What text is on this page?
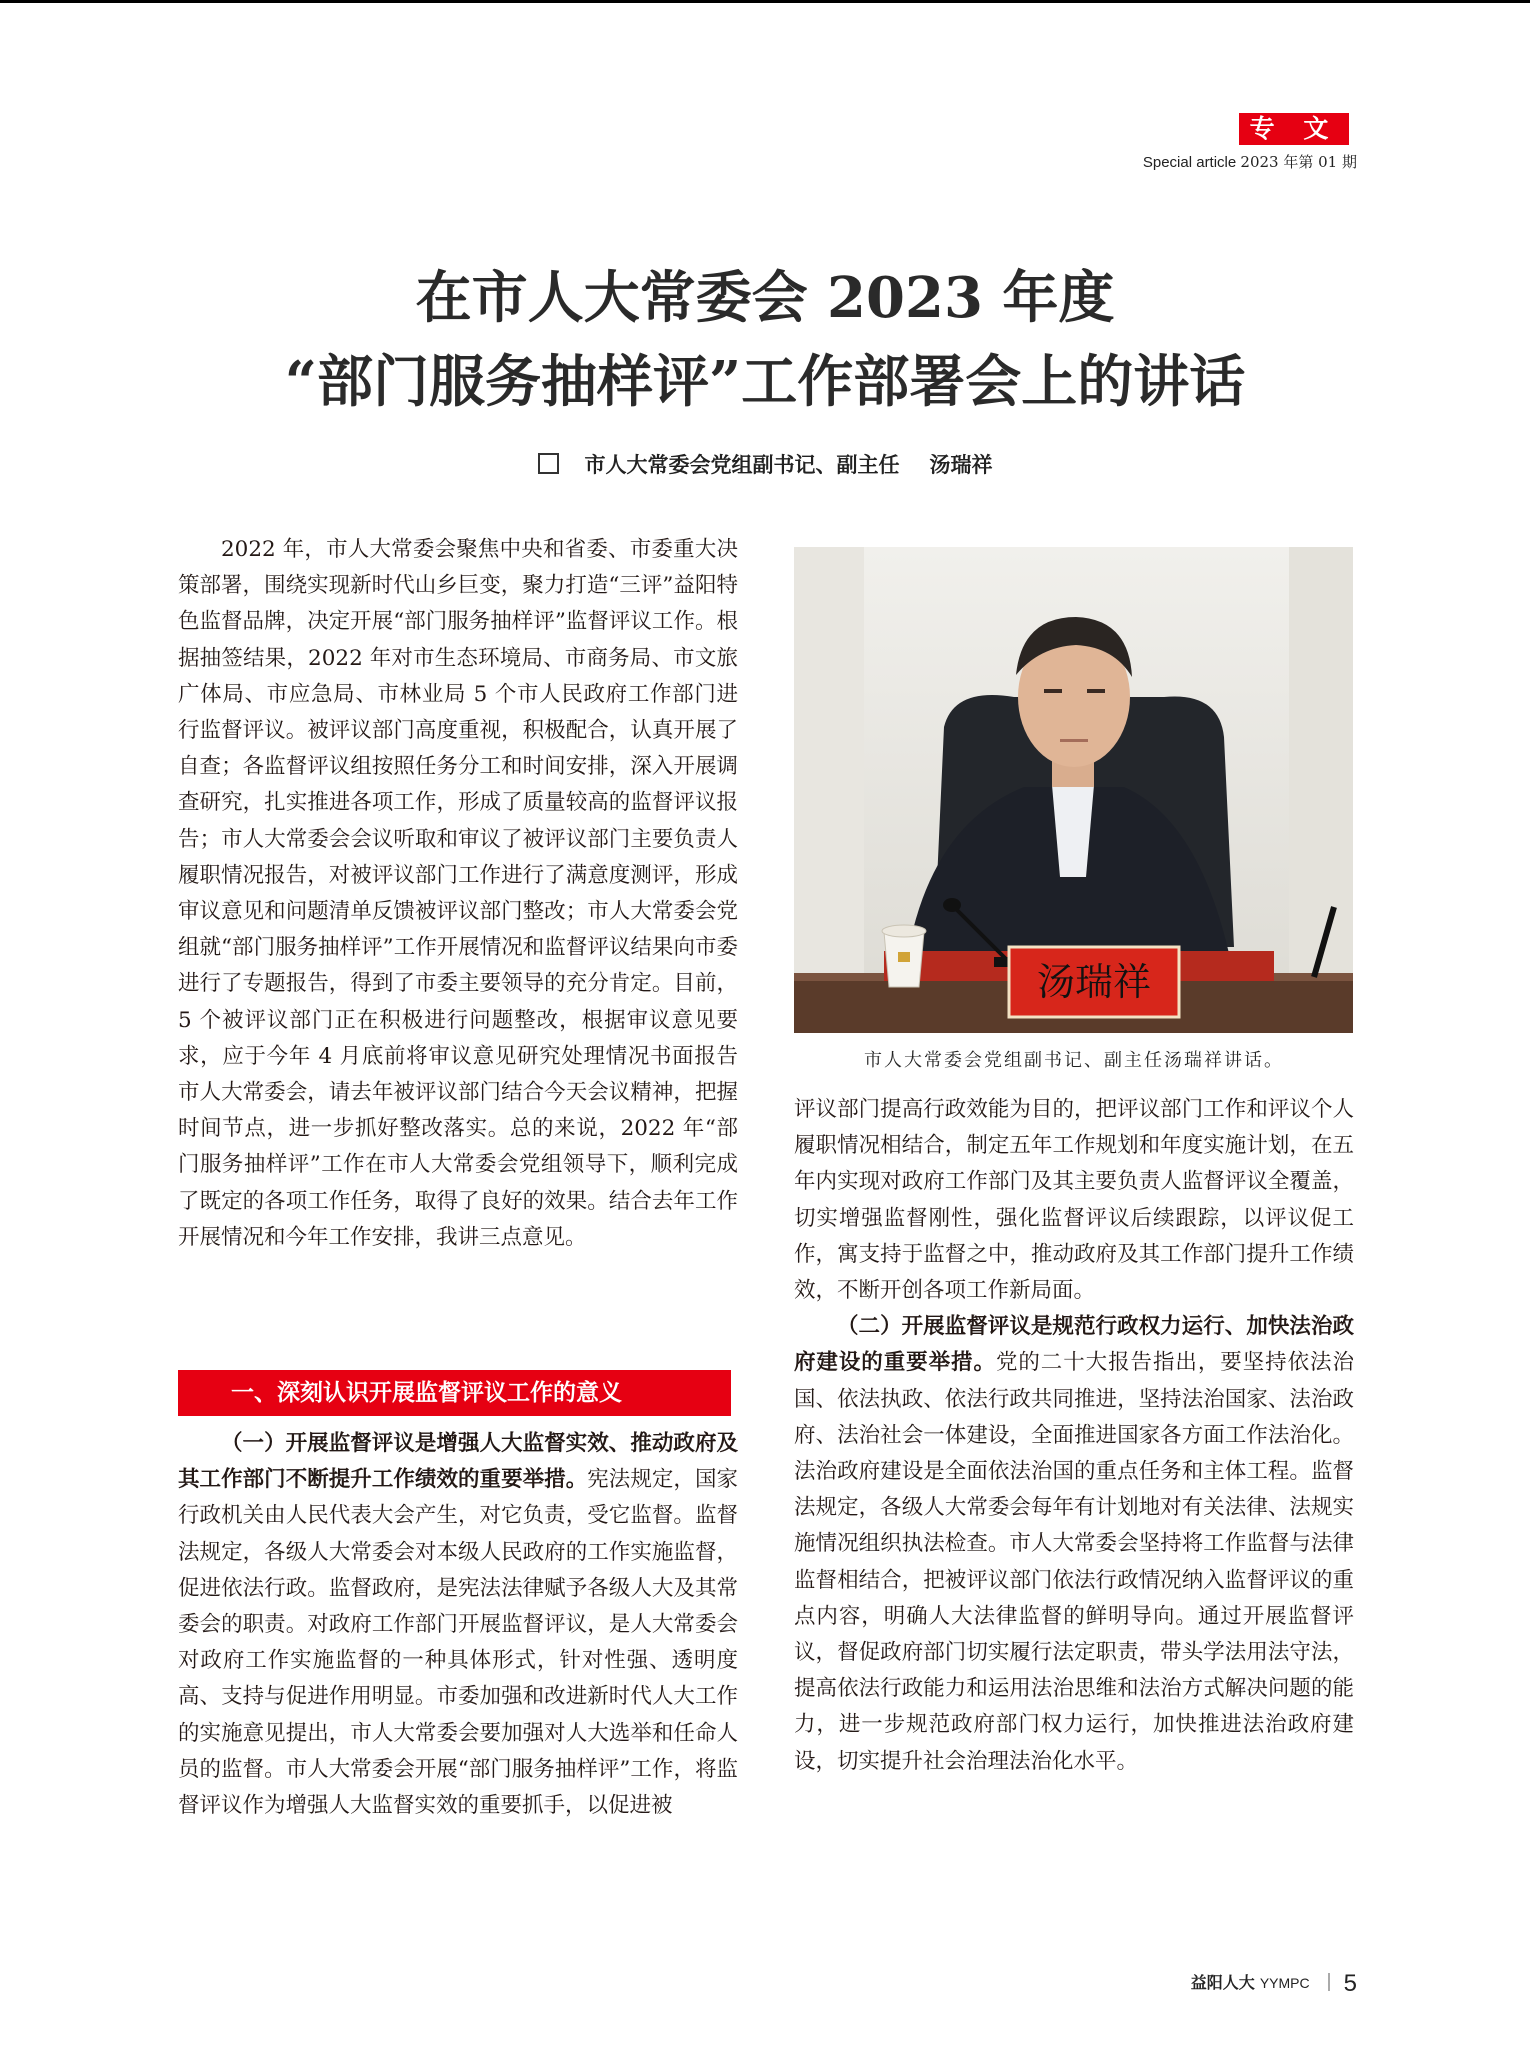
专 文
Special article 2023 年第 01 期
在市人大常委会 2023 年度
“部门服务抽样评”工作部署会上的讲话
市人大常委会党组副书记、副主任 汤瑞祥

2022 年，市人大常委会聚焦中央和省委、市委重大决策部署，围绕实现新时代山乡巨变，聚力打造“三评”益阳特色监督品牌，决定开展“部门服务抽样评”监督评议工作。根据抽签结果，2022 年对市生态环境局、市商务局、市文旅广体局、市应急局、市林业局 5 个市人民政府工作部门进行监督评议。被评议部门高度重视，积极配合，认真开展了自查；各监督评议组按照任务分工和时间安排，深入开展调查研究，扎实推进各项工作，形成了质量较高的监督评议报告；市人大常委会会议听取和审议了被评议部门主要负责人履职情况报告，对被评议部门工作进行了满意度测评，形成审议意见和问题清单反馈被评议部门整改；市人大常委会党组就“部门服务抽样评”工作开展情况和监督评议结果向市委进行了专题报告，得到了市委主要领导的充分肯定。目前，5 个被评议部门正在积极进行问题整改，根据审议意见要求，应于今年 4 月底前将审议意见研究处理情况书面报告市人大常委会，请去年被评议部门结合今天会议精神，把握时间节点，进一步抓好整改落实。总的来说，2022 年“部门服务抽样评”工作在市人大常委会党组领导下，顺利完成了既定的各项工作任务，取得了良好的效果。结合去年工作开展情况和今年工作安排，我讲三点意见。

一、深刻认识开展监督评议工作的意义

（一）开展监督评议是增强人大监督实效、推动政府及其工作部门不断提升工作绩效的重要举措。宪法规定，国家行政机关由人民代表大会产生，对它负责，受它监督。监督法规定，各级人大常委会对本级人民政府的工作实施监督，促进依法行政。监督政府，是宪法法律赋予各级人大及其常委会的职责。对政府工作部门开展监督评议，是人大常委会对政府工作实施监督的一种具体形式，针对性强、透明度高、支持与促进作用明显。市委加强和改进新时代人大工作的实施意见提出，市人大常委会要加强对人大选举和任命人员的监督。市人大常委会开展“部门服务抽样评”工作，将监督评议作为增强人大监督实效的重要抓手，以促进被

汤瑞祥
市人大常委会党组副书记、副主任汤瑞祥讲话。

评议部门提高行政效能为目的，把评议部门工作和评议个人履职情况相结合，制定五年工作规划和年度实施计划，在五年内实现对政府工作部门及其主要负责人监督评议全覆盖，切实增强监督刚性，强化监督评议后续跟踪，以评议促工作，寓支持于监督之中，推动政府及其工作部门提升工作绩效，不断开创各项工作新局面。

（二）开展监督评议是规范行政权力运行、加快法治政府建设的重要举措。党的二十大报告指出，要坚持依法治国、依法执政、依法行政共同推进，坚持法治国家、法治政府、法治社会一体建设，全面推进国家各方面工作法治化。法治政府建设是全面依法治国的重点任务和主体工程。监督法规定，各级人大常委会每年有计划地对有关法律、法规实施情况组织执法检查。市人大常委会坚持将工作监督与法律监督相结合，把被评议部门依法行政情况纳入监督评议的重点内容，明确人大法律监督的鲜明导向。通过开展监督评议，督促政府部门切实履行法定职责，带头学法用法守法，提高依法行政能力和运用法治思维和法治方式解决问题的能力，进一步规范政府部门权力运行，加快推进法治政府建设，切实提升社会治理法治化水平。

益阳人大 YYMPC 5
